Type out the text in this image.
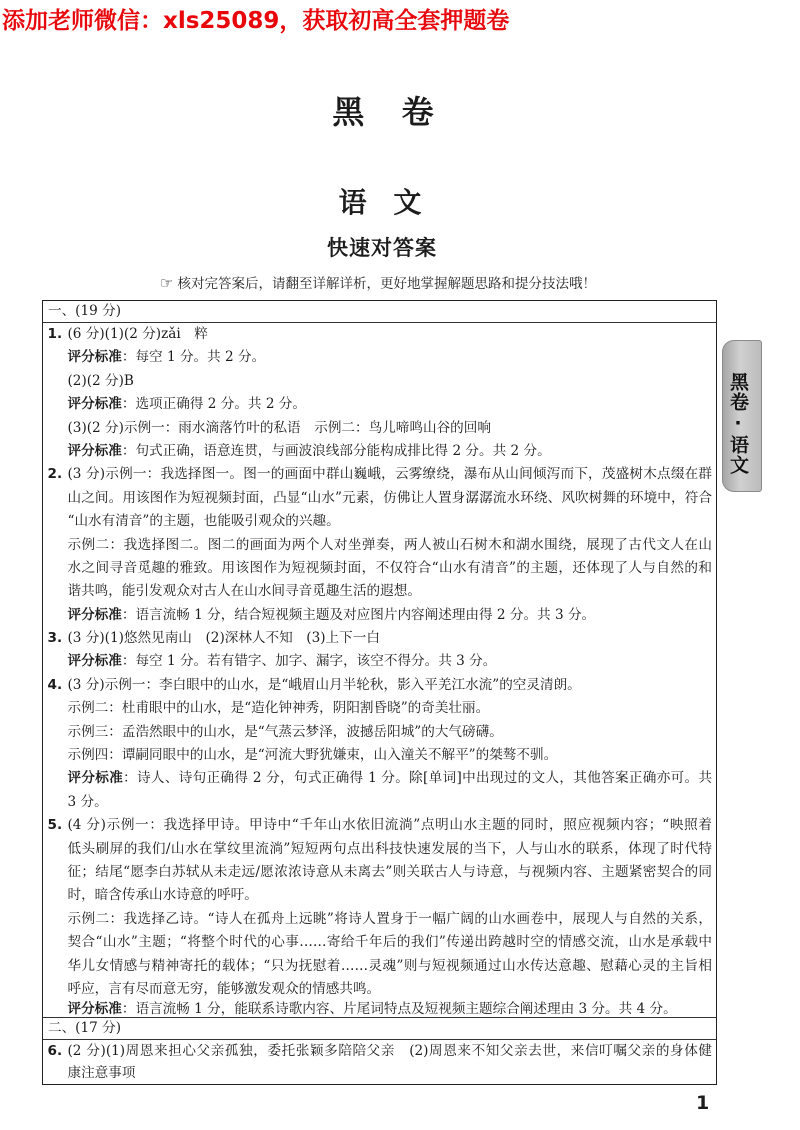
添加老师微信：xls25089，获取初高全套押题卷
黑 卷
语 文
快速对答案
☞ 核对完答案后，请翻至详解详析，更好地掌握解题思路和提分技法哦！
一、(19 分)
1. (6 分)(1)(2 分)zǎi　粹
评分标准：每空 1 分。共 2 分。
(2)(2 分)B
评分标准：选项正确得 2 分。共 2 分。
(3)(2 分)示例一：雨水滴落竹叶的私语　示例二：鸟儿啼鸣山谷的回响
评分标准：句式正确，语意连贯，与画波浪线部分能构成排比得 2 分。共 2 分。
2. (3 分)示例一：我选择图一。图一的画面中群山巍峨，云雾缭绕，瀑布从山间倾泻而下，茂盛树木点缀在群
山之间。用该图作为短视频封面，凸显“山水”元素，仿佛让人置身潺潺流水环绕、风吹树舞的环境中，符合
“山水有清音”的主题，也能吸引观众的兴趣。
示例二：我选择图二。图二的画面为两个人对坐弹奏，两人被山石树木和湖水围绕，展现了古代文人在山
水之间寻音觅趣的雅致。用该图作为短视频封面，不仅符合“山水有清音”的主题，还体现了人与自然的和
谐共鸣，能引发观众对古人在山水间寻音觅趣生活的遐想。
评分标准：语言流畅 1 分，结合短视频主题及对应图片内容阐述理由得 2 分。共 3 分。
3. (3 分)(1)悠然见南山　(2)深林人不知　(3)上下一白
评分标准：每空 1 分。若有错字、加字、漏字，该空不得分。共 3 分。
4. (3 分)示例一：李白眼中的山水，是“峨眉山月半轮秋，影入平羌江水流”的空灵清朗。
示例二：杜甫眼中的山水，是“造化钟神秀，阴阳割昏晓”的奇美壮丽。
示例三：孟浩然眼中的山水，是“气蒸云梦泽，波撼岳阳城”的大气磅礴。
示例四：谭嗣同眼中的山水，是“河流大野犹嫌束，山入潼关不解平”的桀骜不驯。
评分标准：诗人、诗句正确得 2 分，句式正确得 1 分。除[单词]中出现过的文人，其他答案正确亦可。共
3 分。
5. (4 分)示例一：我选择甲诗。甲诗中“千年山水依旧流淌”点明山水主题的同时，照应视频内容；“映照着
低头刷屏的我们/山水在掌纹里流淌”短短两句点出科技快速发展的当下，人与山水的联系，体现了时代特
征；结尾“愿李白苏轼从未走远/愿浓浓诗意从未离去”则关联古人与诗意，与视频内容、主题紧密契合的同
时，暗含传承山水诗意的呼吁。
示例二：我选择乙诗。“诗人在孤舟上远眺”将诗人置身于一幅广阔的山水画卷中，展现人与自然的关系，
契合“山水”主题；“将整个时代的心事……寄给千年后的我们”传递出跨越时空的情感交流，山水是承载中
华儿女情感与精神寄托的载体；“只为抚慰着……灵魂”则与短视频通过山水传达意趣、慰藉心灵的主旨相
呼应，言有尽而意无穷，能够激发观众的情感共鸣。
评分标准：语言流畅 1 分，能联系诗歌内容、片尾词特点及短视频主题综合阐述理由 3 分。共 4 分。
二、(17 分)
6. (2 分)(1)周恩来担心父亲孤独，委托张颖多陪陪父亲　(2)周恩来不知父亲去世，来信叮嘱父亲的身体健
康注意事项
黑卷·语文
1
